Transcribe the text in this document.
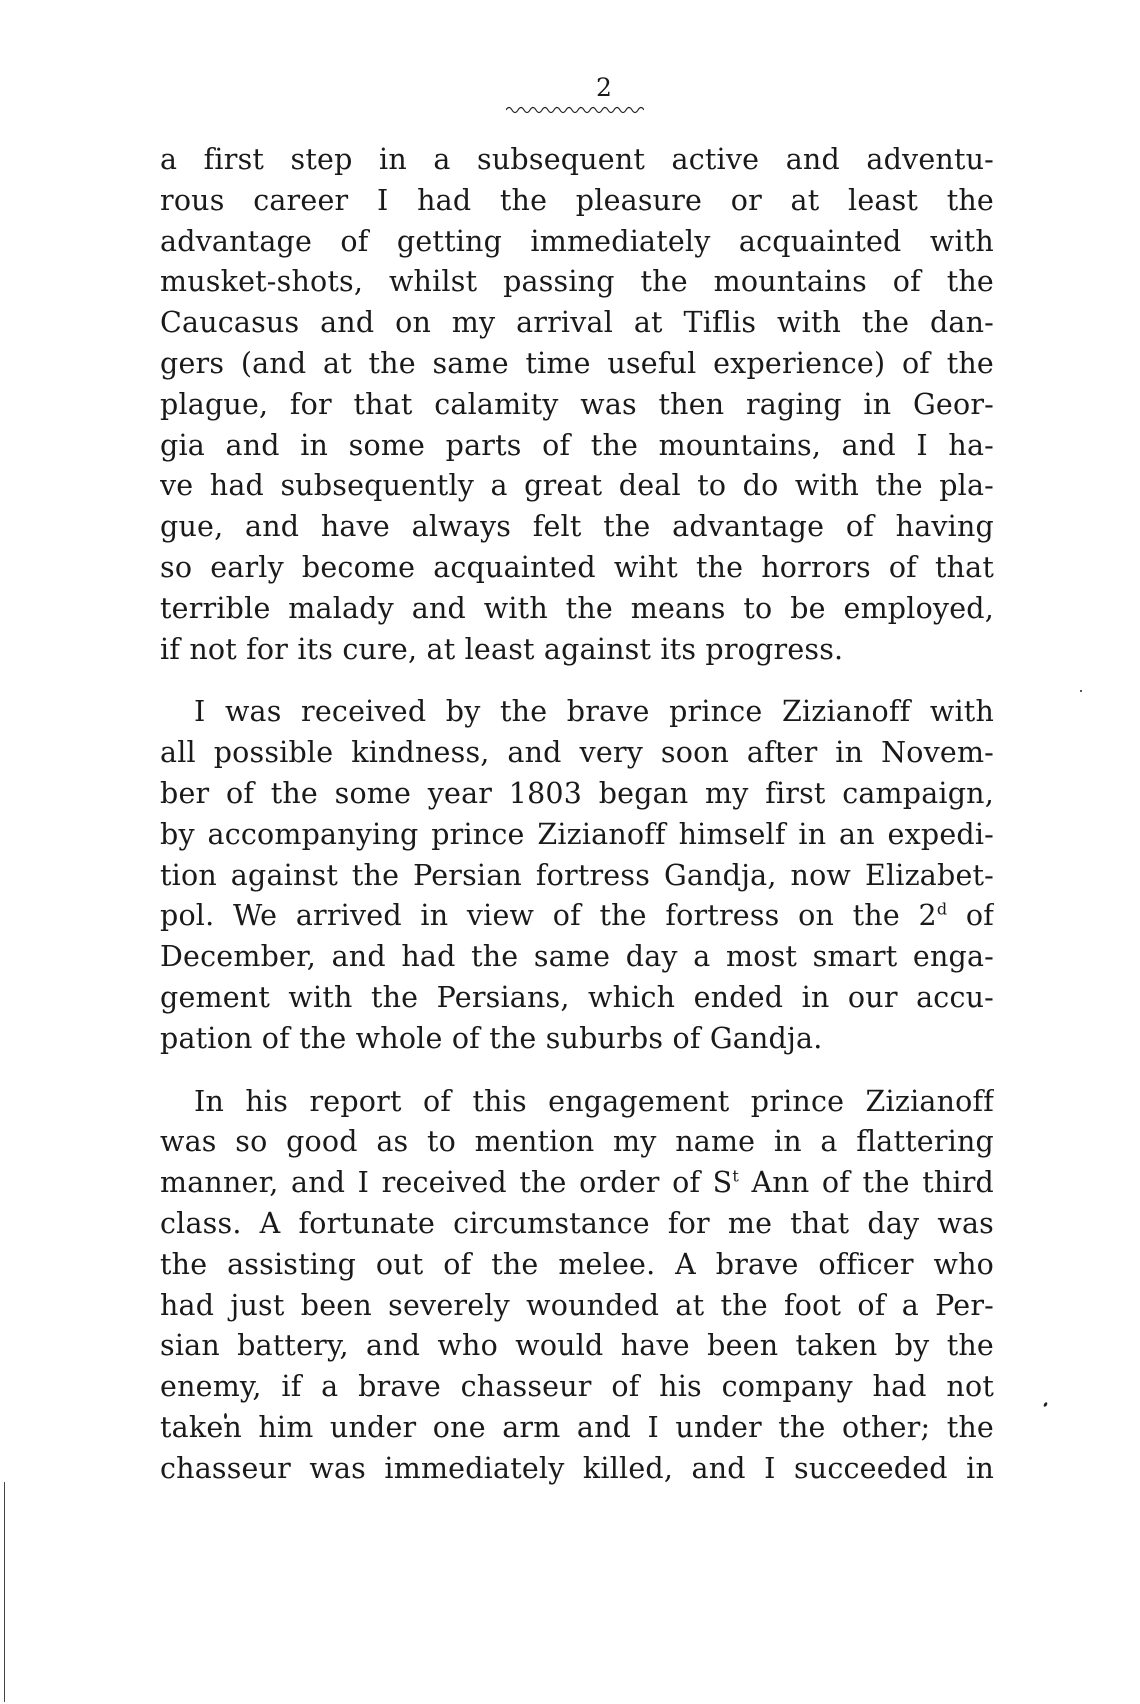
2
a first step in a subsequent active and adventu-
rous career I had the pleasure or at least the
advantage of getting immediately acquainted with
musket-shots, whilst passing the mountains of the
Caucasus and on my arrival at Tiflis with the dan-
gers (and at the same time useful experience) of the
plague, for that calamity was then raging in Geor-
gia and in some parts of the mountains, and I ha-
ve had subsequently a great deal to do with the pla-
gue, and have always felt the advantage of having
so early become acquainted wiht the horrors of that
terrible malady and with the means to be employed,
if not for its cure, at least against its progress.
I was received by the brave prince Zizianoff with
all possible kindness, and very soon after in Novem-
ber of the some year 1803 began my first campaign,
by accompanying prince Zizianoff himself in an expedi-
tion against the Persian fortress Gandja, now Elizabet-
pol. We arrived in view of the fortress on the 2$^d$ of
December, and had the same day a most smart enga-
gement with the Persians, which ended in our accu-
pation of the whole of the suburbs of Gandja.
In his report of this engagement prince Zizianoff
was so good as to mention my name in a flattering
manner, and I received the order of $S^t$ Ann of the third
class. A fortunate circumstance for me that day was
the assisting out of the melee. A brave officer who
had just been severely wounded at the foot of a Per-
sian battery, and who would have been taken by the
enemy, if a brave chasseur of his company had not
taken him under one arm and I under the other; the
chasseur was immediately killed, and I succeeded in
